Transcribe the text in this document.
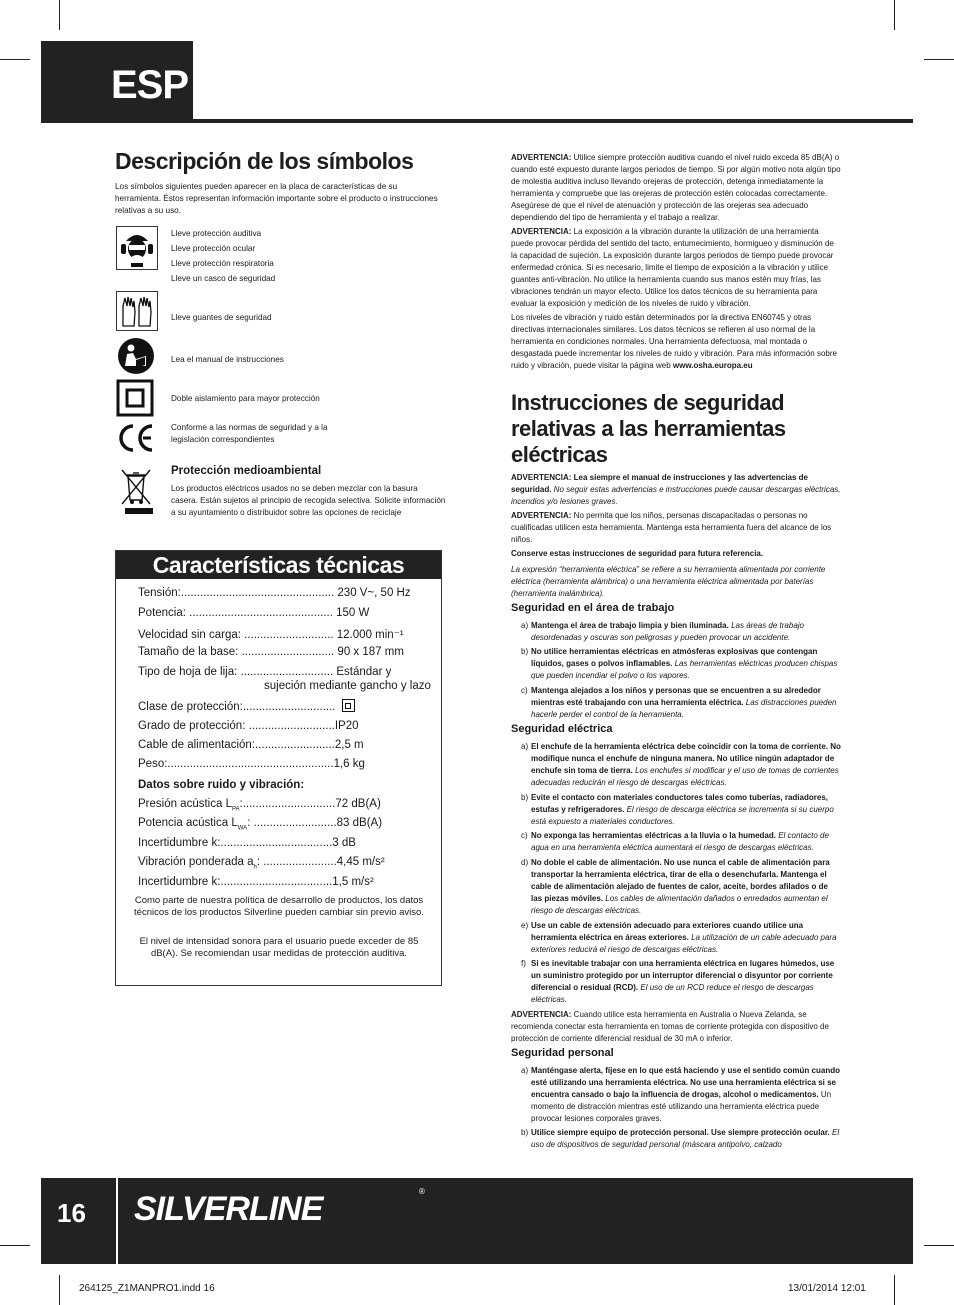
ESP
Descripción de los símbolos
Los símbolos siguientes pueden aparecer en la placa de características de su herramienta. Éstos representan información importante sobre el producto o instrucciones relativas a su uso.
Lleve protección auditiva
Lleve protección ocular
Lleve protección respiratoria
Lleve un casco de seguridad
Lleve guantes de seguridad
Lea el manual de instrucciones
Doble aislamiento para mayor protección
Conforme a las normas de seguridad y a la legislación correspondientes
Protección medioambiental
Los productos eléctricos usados no se deben mezclar con la basura casera. Están sujetos al principio de recogida selectiva. Solicite información a su ayuntamiento o distribuidor sobre las opciones de reciclaje
Características técnicas
Tensión:................................................ 230 V~, 50 Hz
Potencia: ............................................. 150 W
Velocidad sin carga: ............................ 12.000 min⁻¹
Tamaño de la base: ............................. 90 x 187 mm
Tipo de hoja de lija: ............................. Estándar y
sujeción mediante gancho y lazo
Clase de protección:.............................
Grado de protección: ...........................IP20
Cable de alimentación:.........................2,5 m
Peso:....................................................1,6 kg
Datos sobre ruido y vibración:
Presión acústica $L_{PA}:.............................72$ dB(A)
Potencia acústica $L_{WA}$: ..........................83 dB(A)
Incertidumbre k:...................................3 dB
Vibración ponderada $a_h$: .......................4,45 m/s²
Incertidumbre k:...................................1,5 m/s²
Como parte de nuestra política de desarrollo de productos, los datos técnicos de los productos Silverline pueden cambiar sin previo aviso.
El nivel de intensidad sonora para el usuario puede exceder de 85 dB(A). Se recomiendan usar medidas de protección auditiva.
ADVERTENCIA: Utilice siempre protección auditiva cuando el nivel ruido exceda 85 dB(A) o cuando esté expuesto durante largos periodos de tiempo. Si por algún motivo nota algún tipo de molestia auditiva incluso llevando orejeras de protección, detenga inmediatamente la herramienta y compruebe que las orejeras de protección estén colocadas correctamente. Asegúrese de que el nivel de atenuación y protección de las orejeras sea adecuado dependiendo del tipo de herramienta y el trabajo a realizar.
ADVERTENCIA: La exposición a la vibración durante la utilización de una herramienta puede provocar pérdida del sentido del tacto, entumecimiento, hormigueo y disminución de la capacidad de sujeción. La exposición durante largos periodos de tiempo puede provocar enfermedad crónica. Si es necesario, limite el tiempo de exposición a la vibración y utilice guantes anti-vibración. No utilice la herramienta cuando sus manos estén muy frías, las vibraciones tendrán un mayor efecto. Utilice los datos técnicos de su herramienta para evaluar la exposición y medición de los niveles de ruido y vibración.
Los niveles de vibración y ruido están determinados por la directiva EN60745 y otras directivas internacionales similares. Los datos técnicos se refieren al uso normal de la herramienta en condiciones normales. Una herramienta defectuosa, mal montada o desgastada puede incrementar los niveles de ruido y vibración. Para más información sobre ruido y vibración, puede visitar la página web www.osha.europa.eu
Instrucciones de seguridad relativas a las herramientas eléctricas
ADVERTENCIA: Lea siempre el manual de instrucciones y las advertencias de seguridad. No seguir estas advertencias e instrucciones puede causar descargas eléctricas, incendios y/o lesiones graves.
ADVERTENCIA: No permita que los niños, personas discapacitadas o personas no cualificadas utilicen esta herramienta. Mantenga esta herramienta fuera del alcance de los niños.
Conserve estas instrucciones de seguridad para futura referencia.
La expresión “herramienta eléctrica” se refiere a su herramienta alimentada por corriente eléctrica (herramienta alámbrica) o una herramienta eléctrica alimentada por baterías (herramienta inalámbrica).
Seguridad en el área de trabajo
a) Mantenga el área de trabajo limpia y bien iluminada. Las áreas de trabajo desordenadas y oscuras son peligrosas y pueden provocar un accidente.
b) No utilice herramientas eléctricas en atmósferas explosivas que contengan líquidos, gases o polvos inflamables. Las herramientas eléctricas producen chispas que pueden incendiar el polvo o los vapores.
c) Mantenga alejados a los niños y personas que se encuentren a su alrededor mientras esté trabajando con una herramienta eléctrica. Las distracciones pueden hacerle perder el control de la herramienta.
Seguridad eléctrica
a) El enchufe de la herramienta eléctrica debe coincidir con la toma de corriente. No modifique nunca el enchufe de ninguna manera. No utilice ningún adaptador de enchufe sin toma de tierra. Los enchufes si modificar y el uso de tomas de corrientes adecuadas reducirán el riesgo de descargas eléctricas.
b) Evite el contacto con materiales conductores tales como tuberías, radiadores, estufas y refrigeradores. El riesgo de descarga eléctrica se incrementa si su cuerpo está expuesto a materiales conductores.
c) No exponga las herramientas eléctricas a la lluvia o la humedad. El contacto de agua en una herramienta eléctrica aumentará el riesgo de descargas eléctricas.
d) No doble el cable de alimentación. No use nunca el cable de alimentación para transportar la herramienta eléctrica, tirar de ella o desenchufarla. Mantenga el cable de alimentación alejado de fuentes de calor, aceite, bordes afilados o de las piezas móviles. Los cables de alimentación dañados o enredados aumentan el riesgo de descargas eléctricas.
e) Use un cable de extensión adecuado para exteriores cuando utilice una herramienta eléctrica en áreas exteriores. La utilización de un cable adecuado para exteriores reducirá el riesgo de descargas eléctricas.
f) Si es inevitable trabajar con una herramienta eléctrica en lugares húmedos, use un suministro protegido por un interruptor diferencial o disyuntor por corriente diferencial o residual (RCD). El uso de un RCD reduce el riesgo de descargas eléctricas.
ADVERTENCIA: Cuando utilice esta herramienta en Australia o Nueva Zelanda, se recomienda conectar esta herramienta en tomas de corriente protegida con dispositivo de protección de corriente diferencial residual de 30 mA o inferior.
Seguridad personal
a) Manténgase alerta, fíjese en lo que está haciendo y use el sentido común cuando esté utilizando una herramienta eléctrica. No use una herramienta eléctrica si se encuentra cansado o bajo la influencia de drogas, alcohol o medicamentos. Un momento de distracción mientras esté utilizando una herramienta eléctrica puede provocar lesiones corporales graves.
b) Utilice siempre equipo de protección personal. Use siempre protección ocular. El uso de dispositivos de seguridad personal (máscara antipolvo, calzado
16 SILVERLINE	®
264125_Z1MANPRO1.indd 16	13/01/2014 12:01
